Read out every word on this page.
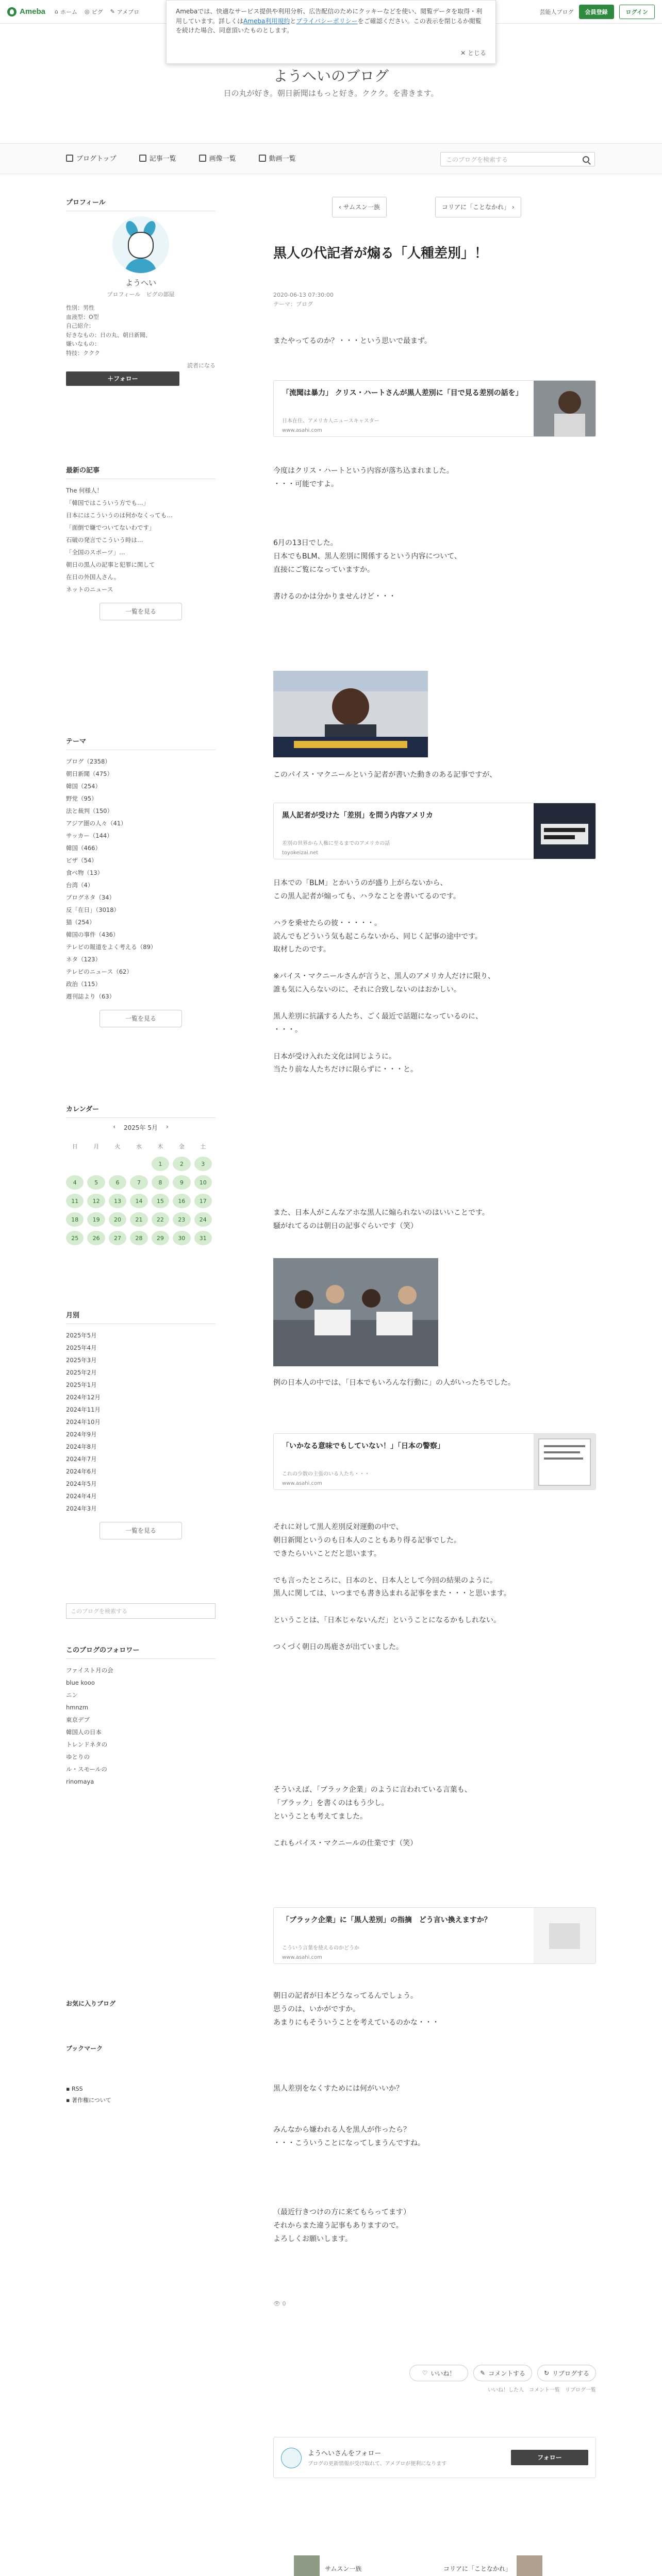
Ameba ⌂ ホーム ◎ ピグ ✎ アメブロ	芸能人ブログ	会員登録	ログイン
Amebaでは、快適なサービス提供や利用分析、広告配信のためにクッキーなどを使い、閲覧データを取得・利用しています。詳しくはAmeba利用規約とプライバシーポリシーをご確認ください。この表示を閉じるか閲覧を続けた場合、同意頂いたものとします。
✕ とじる
ようへいのブログ
日の丸が好き。朝日新聞はもっと好き。ククク。を書きます。
ブログトップ	記事一覧	画像一覧	動画一覧	このブログを検索する
プロフィール
ようへい
プロフィール　ピグの部屋
性別：男性
血液型：O型
自己紹介：
好きなもの：日の丸、朝日新聞、
嫌いなもの：
特技：ククク
読者になる
＋フォロー
最新の記事
The 何様人！
「韓国ではこういう方でも…」
日本にはこういうのは何かなくっても…
「面倒で嫌でついてないわです」
石破の発言でこういう時は…
「全国のスポーツ」…
朝日の黒人の記事と犯罪に関して
在日の外国人さん。
ネットのニュース
一覧を見る
テーマ
ブログ（2358）
朝日新聞（475）
韓国（254）
野党（95）
法と裁判（150）
アジア圏の人々（41）
サッカー（144）
韓国（466）
ビザ（54）
食べ物（13）
台湾（4）
ブログネタ（34）
反「在日」（3018）
猫（254）
韓国の事件（436）
テレビの報道をよく考える（89）
ネタ（123）
テレビのニュース（62）
政治（115）
週刊誌より（63）
一覧を見る
カレンダー
‹ 2025年 5月 ›
日	月	火	水	木	金	土
				1	2	3
4	5	6	7	8	9	10
11	12	13	14	15	16	17
18	19	20	21	22	23	24
25	26	27	28	29	30	31
月別
2025年5月
2025年4月
2025年3月
2025年2月
2025年1月
2024年12月
2024年11月
2024年10月
2024年9月
2024年8月
2024年7月
2024年6月
2024年5月
2024年4月
2024年3月
一覧を見る
このブログを検索する
このブログのフォロワー
ファイスト月の会
blue kooo
ニン
hmnzm
東京デブ
韓国人の日本
トレンドネタの
ゆとりの
ル・スモールの
rinomaya
お気に入りブログ
ブックマーク
▪ RSS
▪ 著作権について
‹ サムスン一族	コリアに「ことなかれ」 ›
黒人の代記者が煽る「人種差別」！
2020-06-13 07:30:00
テーマ：ブログ
またやってるのか？・・・という思いで最まず。
「流聞は暴力」 クリス・ハートさんが黒人差別に「目で見る差別の話を」
日本在住、アメリカ人ニュースキャスター
www.asahi.com
今度はクリス・ハートという内容が落ち込まれました。
・・・可能ですよ。
6月の13日でした。
日本でもBLM、黒人差別に関係するという内容について、
直接にご覧になっていますか。

書けるのかは分かりませんけど・・・
このパイス・マクニールという記者が書いた動きのある記事ですが、
黒人記者が受けた「差別」を問う内容アメリカ
差別の世界から人権に至るまでのアメリカの話
toyokeizai.net
日本での「BLM」とかいうのが盛り上がらないから、
この黒人記者が煽っても、ハラなことを書いてるのです。

ハラを乗せたらの彼・・・・・。
読んでもどういう気も起こらないから、同じく記事の途中です。
取材したのです。

※パイス・マクニールさんが言うと、黒人のアメリカ人だけに限り、
誰も気に入らないのに、それに合致しないのはおかしい。

黒人差別に抗議する人たち、ごく最近で話題になっているのに、
・・・。

日本が受け入れた文化は同じように。
当たり前な人たちだけに限らずに・・・と。
また、日本人がこんなアホな黒人に煽られないのはいいことです。
騒がれてるのは朝日の記事ぐらいです（笑）
例の日本人の中では、「日本でもいろんな行動に」の人がいったちでした。
「いかなる意味でもしていない！」「日本の警察」
これの少数の主張のいる人たち・・・
www.asahi.com
それに対して黒人差別反対運動の中で、
朝日新聞というのも日本人のこともあり得る記事でした。
できたらいいことだと思います。

でも言ったところに、日本のと、日本人として今回の結果のように。
黒人に関しては、いつまでも書き込まれる記事をまた・・・と思います。

ということは、「日本じゃないんだ」ということになるかもしれない。

つくづく朝日の馬鹿さが出ていました。
そういえば、「ブラック企業」のように言われている言葉も、
「ブラック」を書くのはもう少し。
ということも考えてました。

これもパイス・マクニールの仕業です（笑）
「ブラック企業」に「黒人差別」の指摘　どう言い換えますか？
こういう言葉を使えるのかどうか
www.asahi.com
朝日の記者が日本どうなってるんでしょう。
思うのは、いかがですか。
あまりにもそういうことを考えているのかな・・・
黒人差別をなくすためには何がいいか？
みんなから嫌われる人を黒人が作ったら？
・・・こういうことになってしまうんですね。
（最近行きつけの方に来てもらってます）
それからまた違う記事もありますので。
よろしくお願いします。
👁 0
♡ いいね！	✎ コメントする	↻ リブログする
いいね！した人　コメント一覧　リブログ一覧
ようへいさんをフォロー
ブログの更新情報が受け取れて、アメブロが便利になります
フォロー
サムスン一族	コリアに「ことなかれ」
